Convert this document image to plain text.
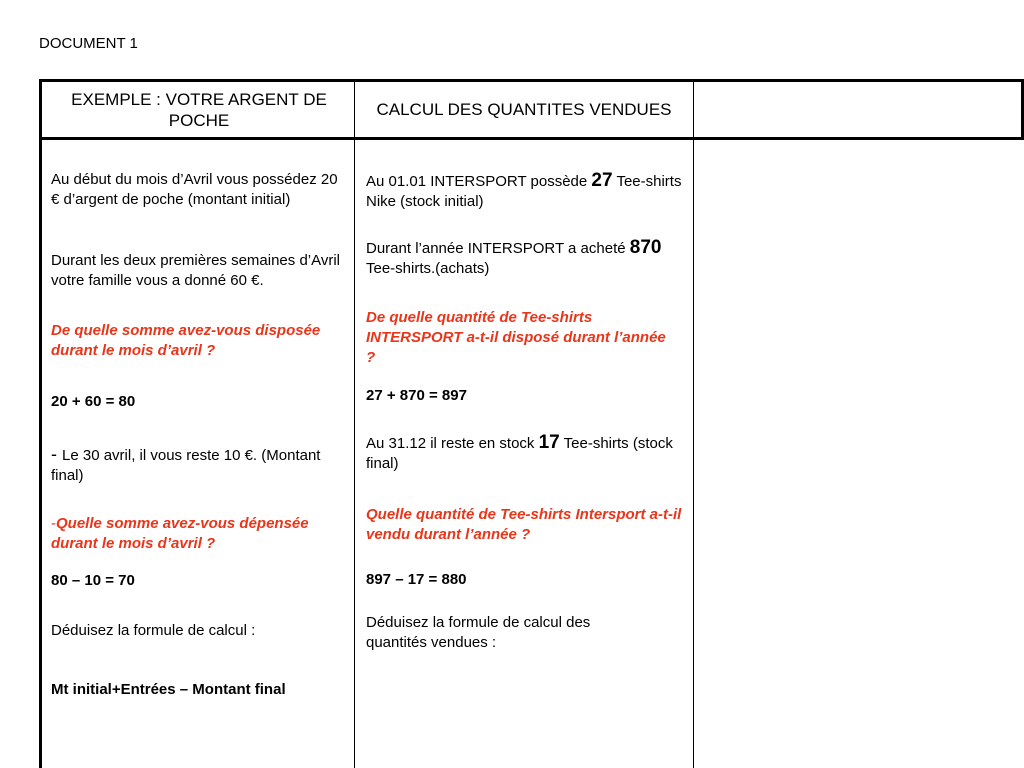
DOCUMENT 1
EXEMPLE : VOTRE ARGENT DE POCHE
CALCUL DES QUANTITES VENDUES

Au début du mois d’Avril vous possédez 20 € d’argent de poche (montant initial)

Durant les deux premières semaines d’Avril votre famille vous a donné 60 €.

De quelle somme avez-vous disposée durant le mois d’avril ?

20 + 60 = 80

- Le 30 avril, il vous reste 10 €. (Montant final)

-Quelle somme avez-vous dépensée durant le mois d’avril ?

80 – 10 = 70

Déduisez la formule de calcul :

Mt initial+Entrées – Montant final

Au 01.01 INTERSPORT possède 27 Tee-shirts Nike (stock initial)

Durant l’année INTERSPORT a acheté 870 Tee-shirts.(achats)

De quelle quantité de Tee-shirts INTERSPORT a-t-il disposé durant l’année ?

27 + 870 = 897

Au 31.12 il reste en stock 17 Tee-shirts (stock final)

Quelle quantité de Tee-shirts Intersport a-t-il vendu durant l’année ?

897 – 17 = 880

Déduisez la formule de calcul des quantités vendues :
